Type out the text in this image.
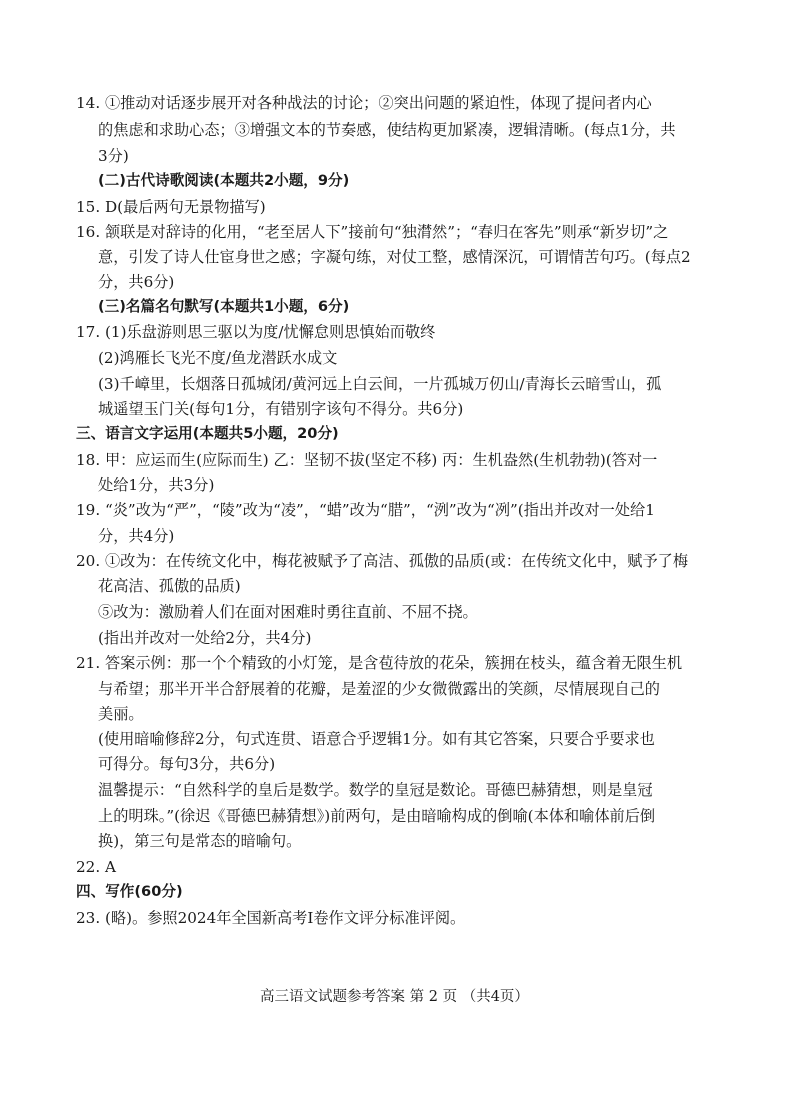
14. ①推动对话逐步展开对各种战法的讨论；②突出问题的紧迫性，体现了提问者内心
的焦虑和求助心态；③增强文本的节奏感，使结构更加紧凑，逻辑清晰。(每点1分，共
3分)
(二)古代诗歌阅读(本题共2小题，9分)
15. D(最后两句无景物描写)
16. 颔联是对辞诗的化用，“老至居人下”接前句“独潸然”；“春归在客先”则承“新岁切”之
意，引发了诗人仕宦身世之感；字凝句练，对仗工整，感情深沉，可谓情苦句巧。(每点2
分，共6分)
(三)名篇名句默写(本题共1小题，6分)
17. (1)乐盘游则思三驱以为度/忧懈怠则思慎始而敬终
(2)鸿雁长飞光不度/鱼龙潜跃水成文
(3)千嶂里，长烟落日孤城闭/黄河远上白云间，一片孤城万仞山/青海长云暗雪山，孤
城遥望玉门关(每句1分，有错别字该句不得分。共6分)
三、语言文字运用(本题共5小题，20分)
18. 甲：应运而生(应际而生) 乙：坚韧不拔(坚定不移) 丙：生机盎然(生机勃勃)(答对一
处给1分，共3分)
19. “炎”改为“严”，“陵”改为“凌”，“蜡”改为“腊”，“洌”改为“冽”(指出并改对一处给1
分，共4分)
20. ①改为：在传统文化中，梅花被赋予了高洁、孤傲的品质(或：在传统文化中，赋予了梅
花高洁、孤傲的品质)
⑤改为：激励着人们在面对困难时勇往直前、不屈不挠。
(指出并改对一处给2分，共4分)
21. 答案示例：那一个个精致的小灯笼，是含苞待放的花朵，簇拥在枝头，蕴含着无限生机
与希望；那半开半合舒展着的花瓣，是羞涩的少女微微露出的笑颜，尽情展现自己的
美丽。
(使用暗喻修辞2分，句式连贯、语意合乎逻辑1分。如有其它答案，只要合乎要求也
可得分。每句3分，共6分)
温馨提示：“自然科学的皇后是数学。数学的皇冠是数论。哥德巴赫猜想，则是皇冠
上的明珠。”(徐迟《哥德巴赫猜想》)前两句，是由暗喻构成的倒喻(本体和喻体前后倒
换)，第三句是常态的暗喻句。
22. A
四、写作(60分)
23. (略)。参照2024年全国新高考Ⅰ卷作文评分标准评阅。
高三语文试题参考答案 第 2 页 （共4页）
